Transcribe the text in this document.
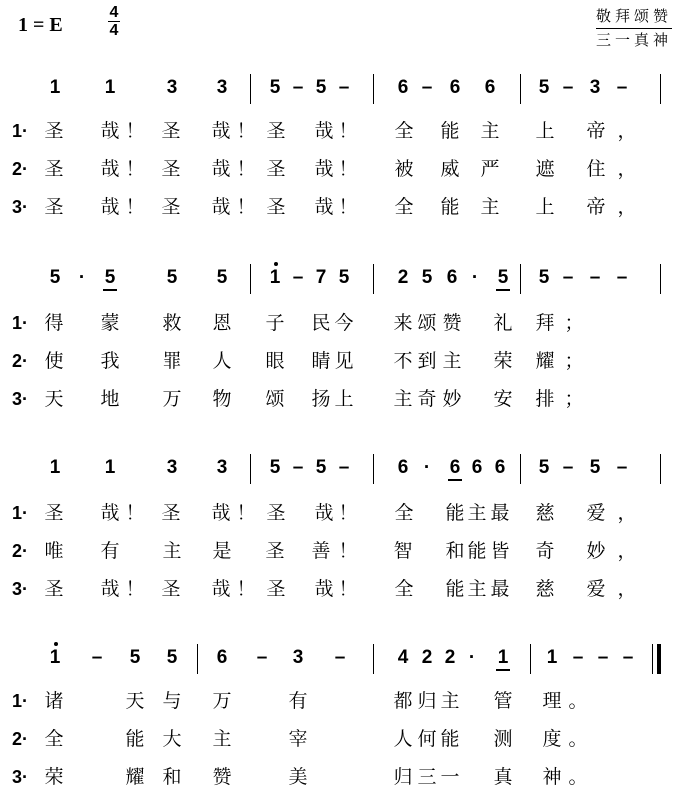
1 = E
4
4
敬拜颂赞
三一真神
1 1	3 3 5 – 5 –	6 – 6 6 5 – 3 –
1· 圣 哉 ！ 圣 哉 ！ 圣 哉 ！ 全 能 主 上 帝 ，
2· 圣 哉 ！ 圣 哉 ！ 圣 哉 ！ 被 威 严 遮 住 ，
3· 圣 哉 ！ 圣 哉 ！ 圣 哉 ！ 全 能 主 上 帝 ，
5 ·	5	5 5 1 – 7 5	2 5 6 ·	5 5 – – –
1· 得 蒙 救 恩 子 民 今 来 颂 赞 礼 拜 ；
2· 使 我 罪 人 眼 睛 见 不 到 主 荣 耀 ；
3· 天 地 万 物 颂 扬 上 主 奇 妙 安 排 ；
1 1	3 3 5 – 5 –	6 ·	6 6 6 5 – 5 –
1· 圣 哉 ！ 圣 哉 ！ 圣 哉 ！ 全 能 主 最 慈 爱 ，
2· 唯 有 主 是 圣 善 ！ 智 和 能 皆 奇 妙 ，
3· 圣 哉 ！ 圣 哉 ！ 圣 哉 ！ 全 能 主 最 慈 爱 ，
1 – 5 5 6 – 3 –	4 2 2 ·	1 1 – – –
1· 诸	天 与 万	有	都 归 主 管 理 。
2· 全	能 大 主	宰	人 何 能 测 度 。
3· 荣	耀 和 赞	美	归 三 一 真 神 。
